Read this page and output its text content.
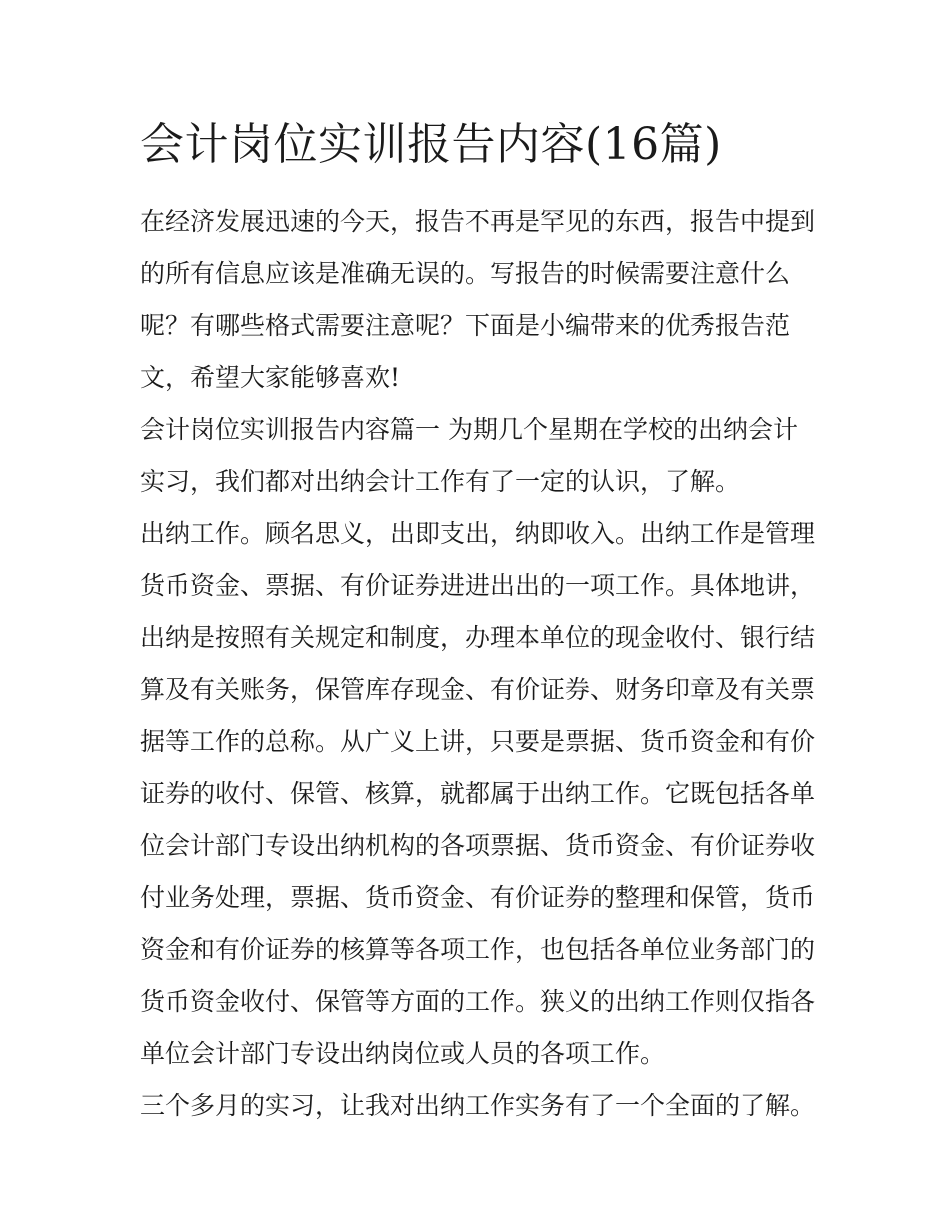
会计岗位实训报告内容(16篇)

在经济发展迅速的今天，报告不再是罕见的东西，报告中提到
的所有信息应该是准确无误的。写报告的时候需要注意什么
呢？有哪些格式需要注意呢？下面是小编带来的优秀报告范
文，希望大家能够喜欢!

会计岗位实训报告内容篇一 为期几个星期在学校的出纳会计
实习，我们都对出纳会计工作有了一定的认识，了解。

出纳工作。顾名思义，出即支出，纳即收入。出纳工作是管理
货币资金、票据、有价证券进进出出的一项工作。具体地讲，
出纳是按照有关规定和制度，办理本单位的现金收付、银行结
算及有关账务，保管库存现金、有价证券、财务印章及有关票
据等工作的总称。从广义上讲，只要是票据、货币资金和有价
证券的收付、保管、核算，就都属于出纳工作。它既包括各单
位会计部门专设出纳机构的各项票据、货币资金、有价证券收
付业务处理，票据、货币资金、有价证券的整理和保管，货币
资金和有价证券的核算等各项工作，也包括各单位业务部门的
货币资金收付、保管等方面的工作。狭义的出纳工作则仅指各
单位会计部门专设出纳岗位或人员的各项工作。

三个多月的实习，让我对出纳工作实务有了一个全面的了解。
